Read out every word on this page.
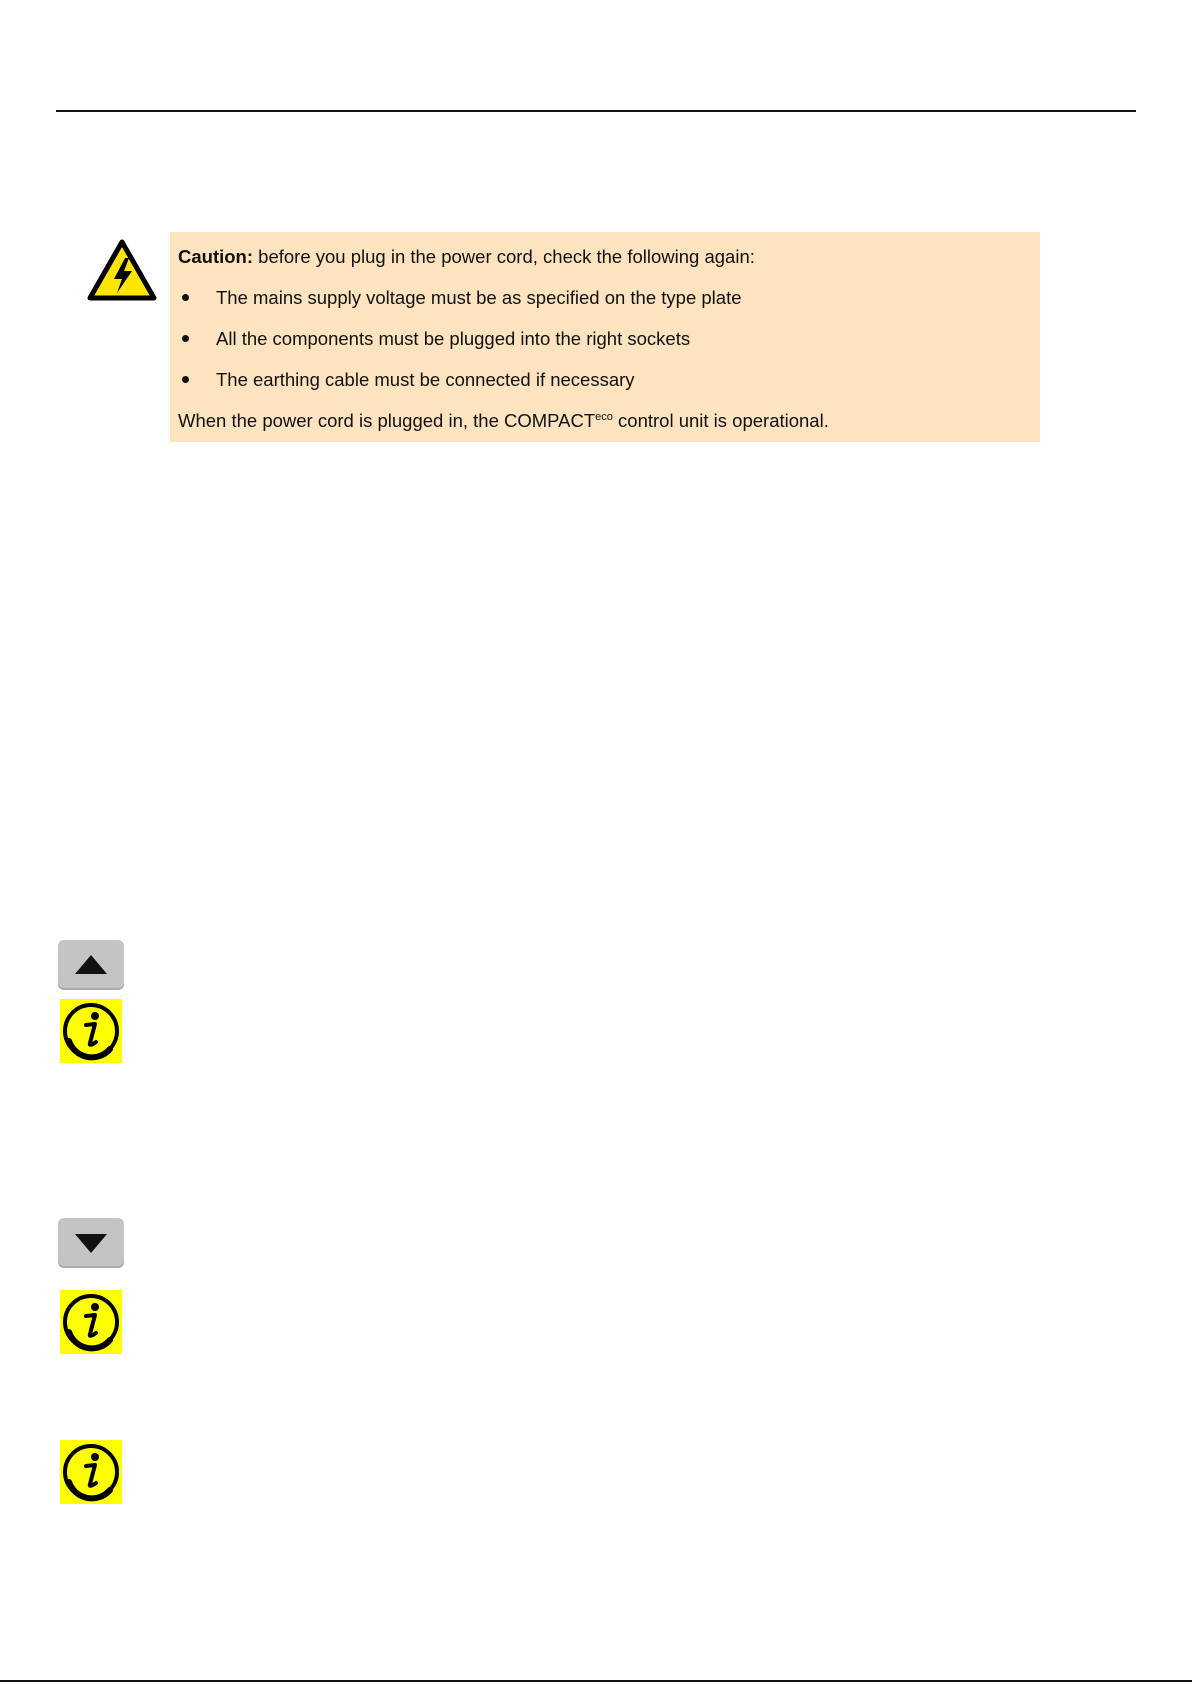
Caution: before you plug in the power cord, check the following again:
The mains supply voltage must be as specified on the type plate
All the components must be plugged into the right sockets
The earthing cable must be connected if necessary
When the power cord is plugged in, the $COMPACT^{eco}$ control unit is operational.
